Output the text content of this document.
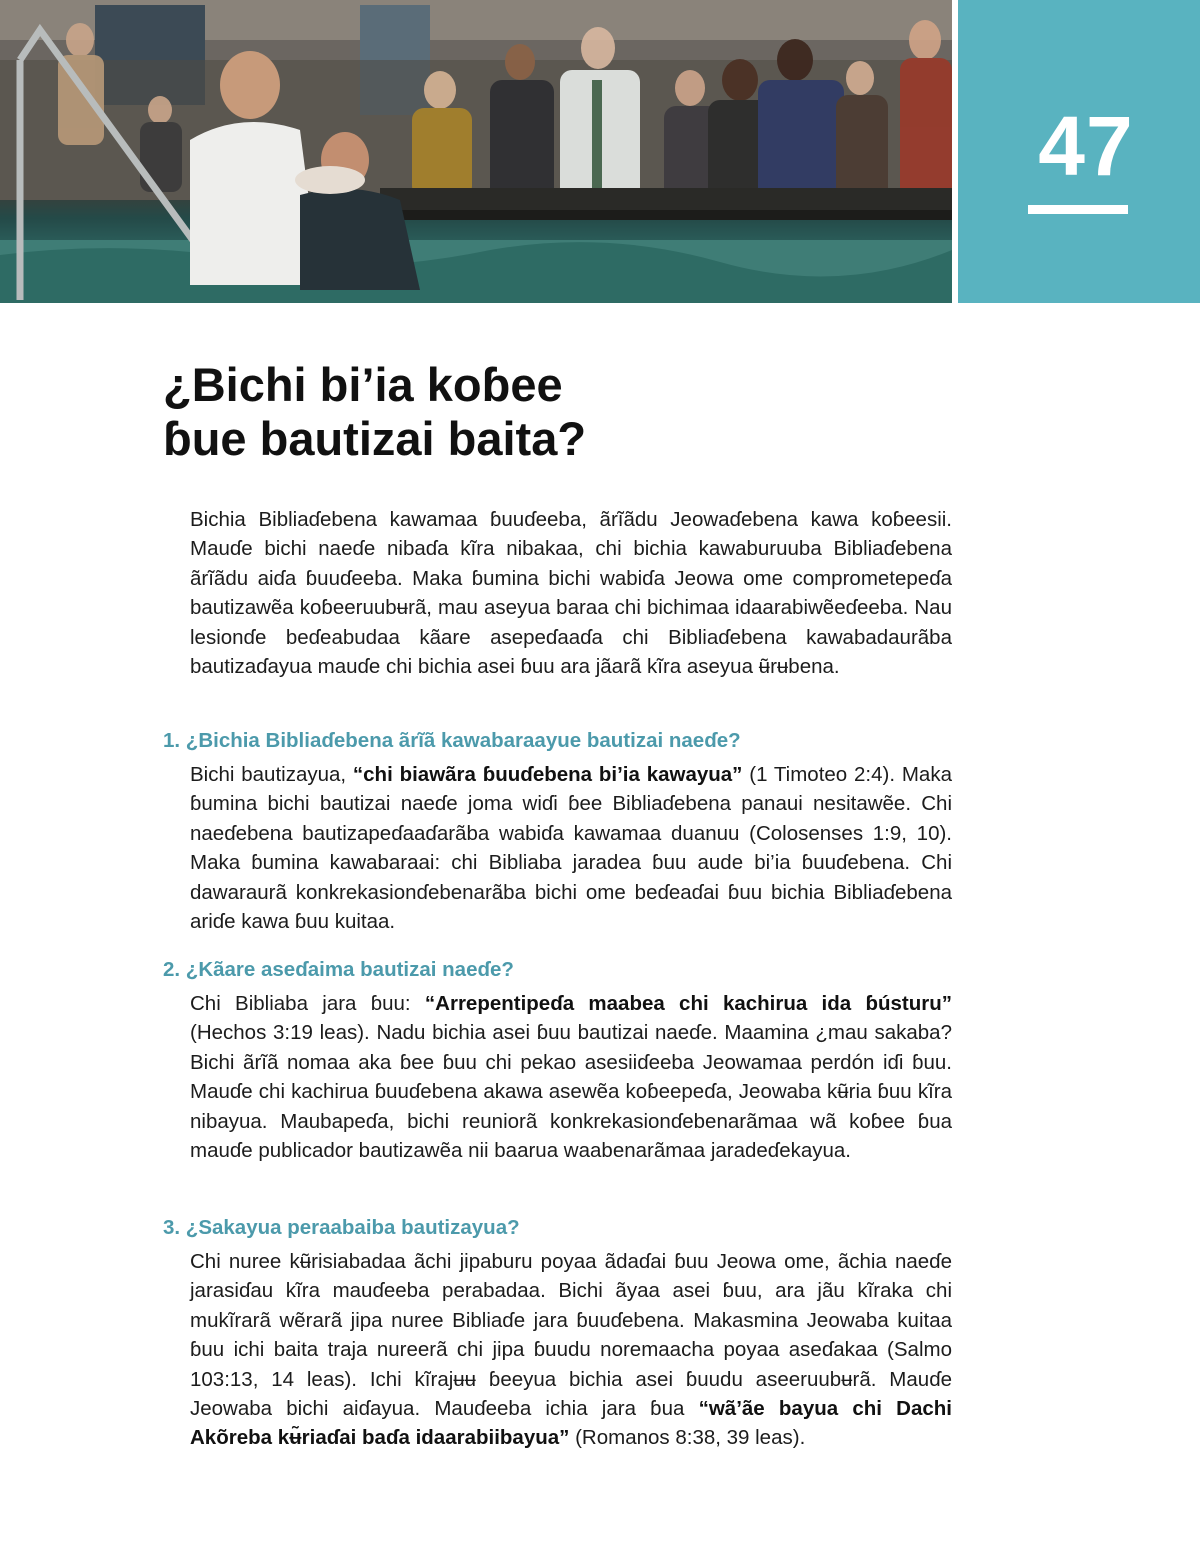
47
¿Bichi bi’ia koɓee
ɓue bautizai baita?

Bichia Bibliaɗebena kawamaa ɓuuɗeeba, ãrĩãdu Jeowaɗebena kawa koɓeesii. Mauɗe bichi naeɗe nibaɗa kĩra nibakaa, chi bichia kawaburuuba Bibliaɗebena ãrĩãdu aiɗa ɓuuɗeeba. Maka ɓumina bichi wabiɗa Jeowa ome comprometepeɗa bautizawẽa koɓeeruubʉrã, mau aseyua baraa chi bichimaa idaarabiwẽeɗeeba. Nau lesionɗe beɗeabudaa kãare asepeɗaaɗa chi Bibliaɗebena kawabadaurãba bautizaɗayua mauɗe chi bichia asei ɓuu ara jãarã kĩra aseyua ʉ̃rʉbena.

1. ¿Bichia Bibliaɗebena ãrĩã kawabaraayue bautizai naeɗe?

Bichi bautizayua, “chi biawãra ɓuuɗebena bi’ia kawayua” (1 Timoteo 2:4). Maka ɓumina bichi bautizai naeɗe joma wiɗi ɓee Bibliaɗebena panaui nesitawẽe. Chi naeɗebena bautizapeɗaaɗarãba wabiɗa kawamaa duanuu (Colosenses 1:9, 10). Maka ɓumina kawabaraai: chi Bibliaba jaradea ɓuu aude bi’ia ɓuuɗebena. Chi dawaraurã konkrekasionɗebenarãba bichi ome beɗeaɗai ɓuu bichia Bibliaɗebena ariɗe kawa ɓuu kuitaa.

2. ¿Kãare aseɗaima bautizai naeɗe?

Chi Bibliaba jara ɓuu: “Arrepentipeɗa maabea chi kachirua ida ɓústuru” (Hechos 3:19 leas). Nadu bichia asei ɓuu bautizai naeɗe. Maamina ¿mau sakaba? Bichi ãrĩã nomaa aka ɓee ɓuu chi pekao asesiiɗeeba Jeowamaa perdón iɗi ɓuu. Mauɗe chi kachirua ɓuuɗebena akawa asewẽa koɓeepeɗa, Jeowaba kʉ̃ria ɓuu kĩra nibayua. Maubapeɗa, bichi reuniorã konkrekasionɗebenarãmaa wã koɓee ɓua mauɗe publicador bautizawẽa nii baarua waabenarãmaa jaradeɗekayua.

3. ¿Sakayua peraabaiba bautizayua?

Chi nuree kʉ̃risiabadaa ãchi jipaburu poyaa ãdaɗai ɓuu Jeowa ome, ãchia naeɗe jarasiɗau kĩra mauɗeeba perabadaa. Bichi ãyaa asei ɓuu, ara jãu kĩraka chi mukĩrarã wẽrarã jipa nuree Bibliaɗe jara ɓuuɗebena. Makasmina Jeowaba kuitaa ɓuu ichi baita traja nureerã chi jipa ɓuudu noremaacha poyaa aseɗakaa (Salmo 103:13, 14 leas). Ichi kĩrajʉʉ ɓeeyua bichia asei ɓuudu aseeruubʉrã. Mauɗe Jeowaba bichi aiɗayua. Mauɗeeba ichia jara ɓua “wã’ãe bayua chi Dachi Akõreba kʉ̃riaɗai baɗa idaarabiibayua” (Romanos 8:38, 39 leas).
